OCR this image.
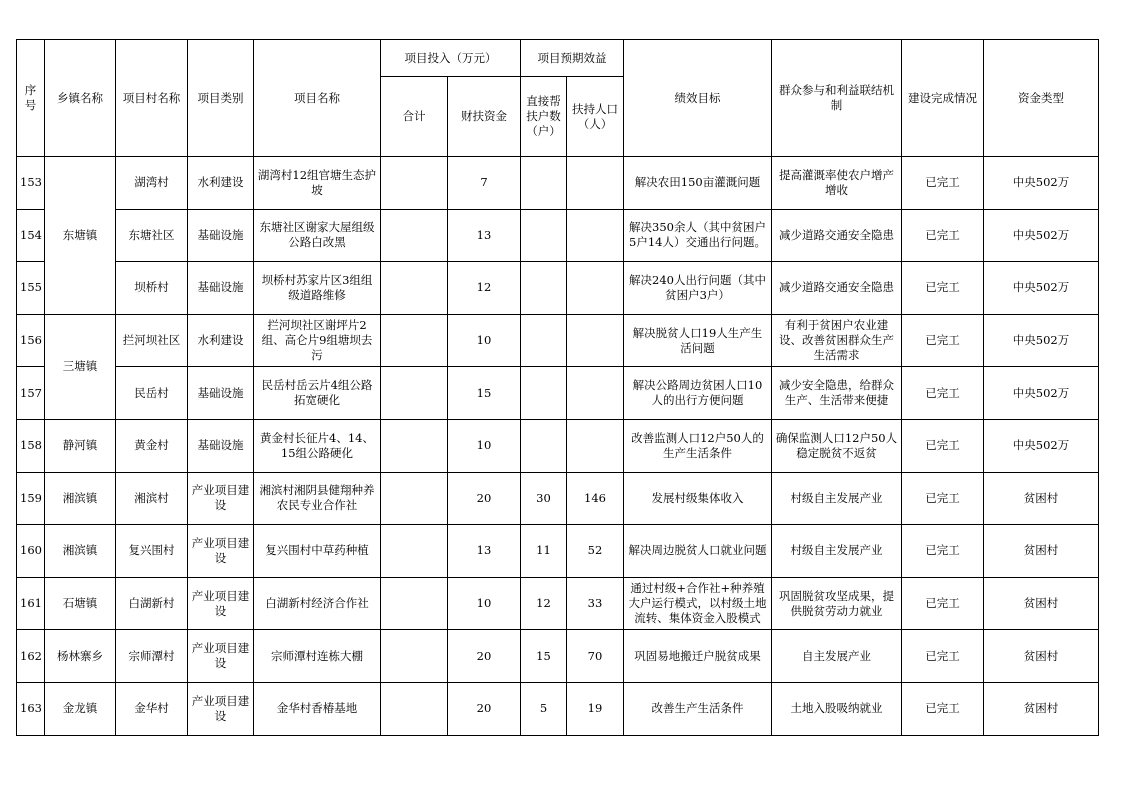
序号	乡镇名称	项目村名称	项目类别	项目名称	项目投入（万元）		项目预期效益		绩效目标	群众参与和利益联结机制	建设完成情况	资金类型
					合计	财扶资金	直接帮扶户数（户）	扶持人口（人）				
153	东塘镇	湖湾村	水利建设	湖湾村12组官塘生态护坡		7			解决农田150亩灌溉问题	提高灌溉率使农户增产增收	已完工	中央502万
154		东塘社区	基础设施	东塘社区谢家大屋组级公路白改黑		13			解决350余人（其中贫困户5户14人）交通出行问题。	减少道路交通安全隐患	已完工	中央502万
155		坝桥村	基础设施	坝桥村苏家片区3组组级道路维修		12			解决240人出行问题（其中贫困户3户）	减少道路交通安全隐患	已完工	中央502万
156	三塘镇	拦河坝社区	水利建设	拦河坝社区谢坪片2组、高仑片9组塘坝去污		10			解决脱贫人口19人生产生活问题	有利于贫困户农业建设、改善贫困群众生产生活需求	已完工	中央502万
157		民岳村	基础设施	民岳村岳云片4组公路拓宽硬化		15			解决公路周边贫困人口10人的出行方便问题	减少安全隐患，给群众生产、生活带来便捷	已完工	中央502万
158	静河镇	黄金村	基础设施	黄金村长征片4、14、15组公路硬化		10			改善监测人口12户50人的生产生活条件	确保监测人口12户50人稳定脱贫不返贫	已完工	中央502万
159	湘滨镇	湘滨村	产业项目建设	湘滨村湘阴县健翔种养农民专业合作社		20	30	146	发展村级集体收入	村级自主发展产业	已完工	贫困村
160	湘滨镇	复兴围村	产业项目建设	复兴围村中草药种植		13	11	52	解决周边脱贫人口就业问题	村级自主发展产业	已完工	贫困村
161	石塘镇	白湖新村	产业项目建设	白湖新村经济合作社		10	12	33	通过村级+合作社+种养殖大户运行模式，以村级土地流转、集体资金入股模式	巩固脱贫攻坚成果，提供脱贫劳动力就业	已完工	贫困村
162	杨林寨乡	宗师潭村	产业项目建设	宗师潭村连栋大棚		20	15	70	巩固易地搬迁户脱贫成果	自主发展产业	已完工	贫困村
163	金龙镇	金华村	产业项目建设	金华村香椿基地		20	5	19	改善生产生活条件	土地入股吸纳就业	已完工	贫困村
